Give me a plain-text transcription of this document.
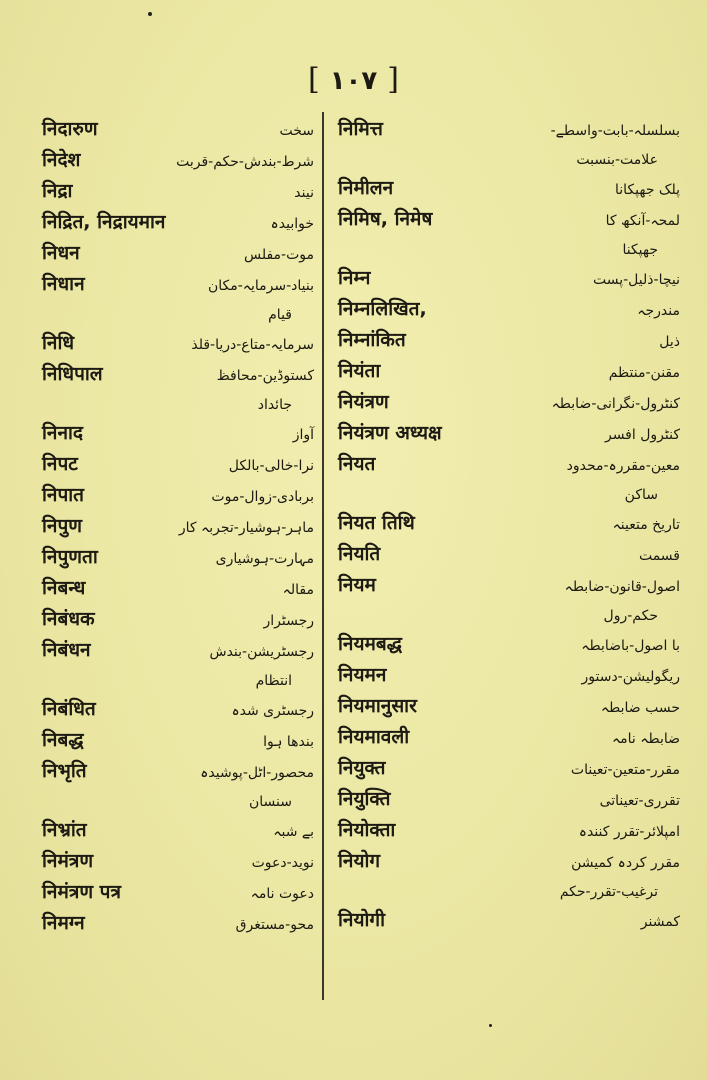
[ ١٠٧ ]
निदारुण	سخت
निदेश	شرط-بندش-حکم-قربت
निद्रा	نیند
निद्रित, निद्रायमान	خوابیدہ
निधन	موت-مفلس
निधान	بنیاد-سرمایہ-مکان
قیام
निधि	سرمایہ-متاع-دریا-قلذ
निधिपाल	کستوڈین-محافظ
جائداد
निनाद	آواز
निपट	نرا-خالی-بالکل
निपात	بربادی-زوال-موت
निपुण	ماہر-ہوشیار-تجربہ کار
निपुणता	مہارت-ہوشیاری
निबन्ध	مقالہ
निबंधक	رجسٹرار
निबंधन	رجسٹریشن-بندش
انتظام
निबंधित	رجسٹری شدہ
निबद्ध	بندھا ہوا
निभृति	محصور-اٹل-پوشیدہ
سنسان
निभ्रांत	بے شبہ
निमंत्रण	نوید-دعوت
निमंत्रण पत्र	دعوت نامہ
निमग्न	محو-مستغرق
निमित्त	بسلسلہ-بابت-واسطے-
علامت-بنسبت
निमीलन	پلک جھپکانا
निमिष, निमेष	لمحہ-آنکھ کا
جھپکنا
निम्न	نیچا-ذلیل-پست
निम्नलिखित,	مندرجہ
निम्नांकित	ذیل
नियंता	مقنن-منتظم
नियंत्रण	کنٹرول-نگرانی-ضابطہ
नियंत्रण अध्यक्ष	کنٹرول افسر
नियत	معین-مقررہ-محدود
ساکن
नियत तिथि	تاریخ متعینہ
नियति	قسمت
नियम	اصول-قانون-ضابطہ
حکم-رول
नियमबद्ध	با اصول-باضابطہ
नियमन	ریگولیشن-دستور
नियमानुसार	حسب ضابطہ
नियमावली	ضابطہ نامہ
नियुक्त	مقرر-متعین-تعینات
नियुक्ति	تقرری-تعیناتی
नियोक्ता	امپلائر-تقرر کنندہ
नियोग	مقرر کردہ کمیشن
ترغیب-تقرر-حکم
नियोगी	کمشنر
